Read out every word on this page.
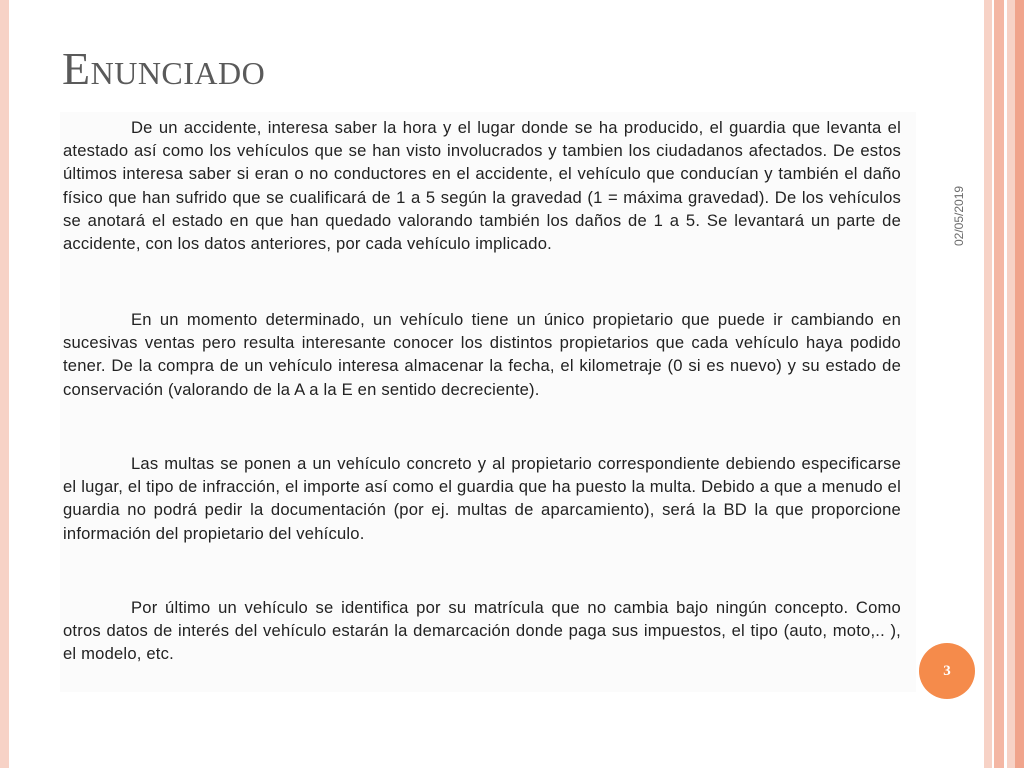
Enunciado

De un accidente, interesa saber la hora y el lugar donde se ha producido, el guardia que levanta el atestado así como los vehículos que se han visto involucrados y tambien los ciudadanos afectados. De estos últimos interesa saber si eran o no conductores en el accidente, el vehículo que conducían y también el daño físico que han sufrido que se cualificará de 1 a 5 según la gravedad (1 = máxima gravedad). De los vehículos se anotará el estado en que han quedado valorando también los daños de 1 a 5. Se levantará un parte de accidente, con los datos anteriores, por cada vehículo implicado.

En un momento determinado, un vehículo tiene un único propietario que puede ir cambiando en sucesivas ventas pero resulta interesante conocer los distintos propietarios que cada vehículo haya podido tener. De la compra de un vehículo interesa almacenar la fecha, el kilometraje (0 si es nuevo) y su estado de conservación (valorando de la A a la E en sentido decreciente).

Las multas se ponen a un vehículo concreto y al propietario correspondiente debiendo especificarse el lugar, el tipo de infracción, el importe así como el guardia que ha puesto la multa. Debido a que a menudo el guardia no podrá pedir la documentación (por ej. multas de aparcamiento), será la BD la que proporcione información del propietario del vehículo.

Por último un vehículo se identifica por su matrícula que no cambia bajo ningún concepto. Como otros datos de interés del vehículo estarán la demarcación donde paga sus impuestos, el tipo (auto, moto,.. ), el modelo, etc.

02/05/2019
3
